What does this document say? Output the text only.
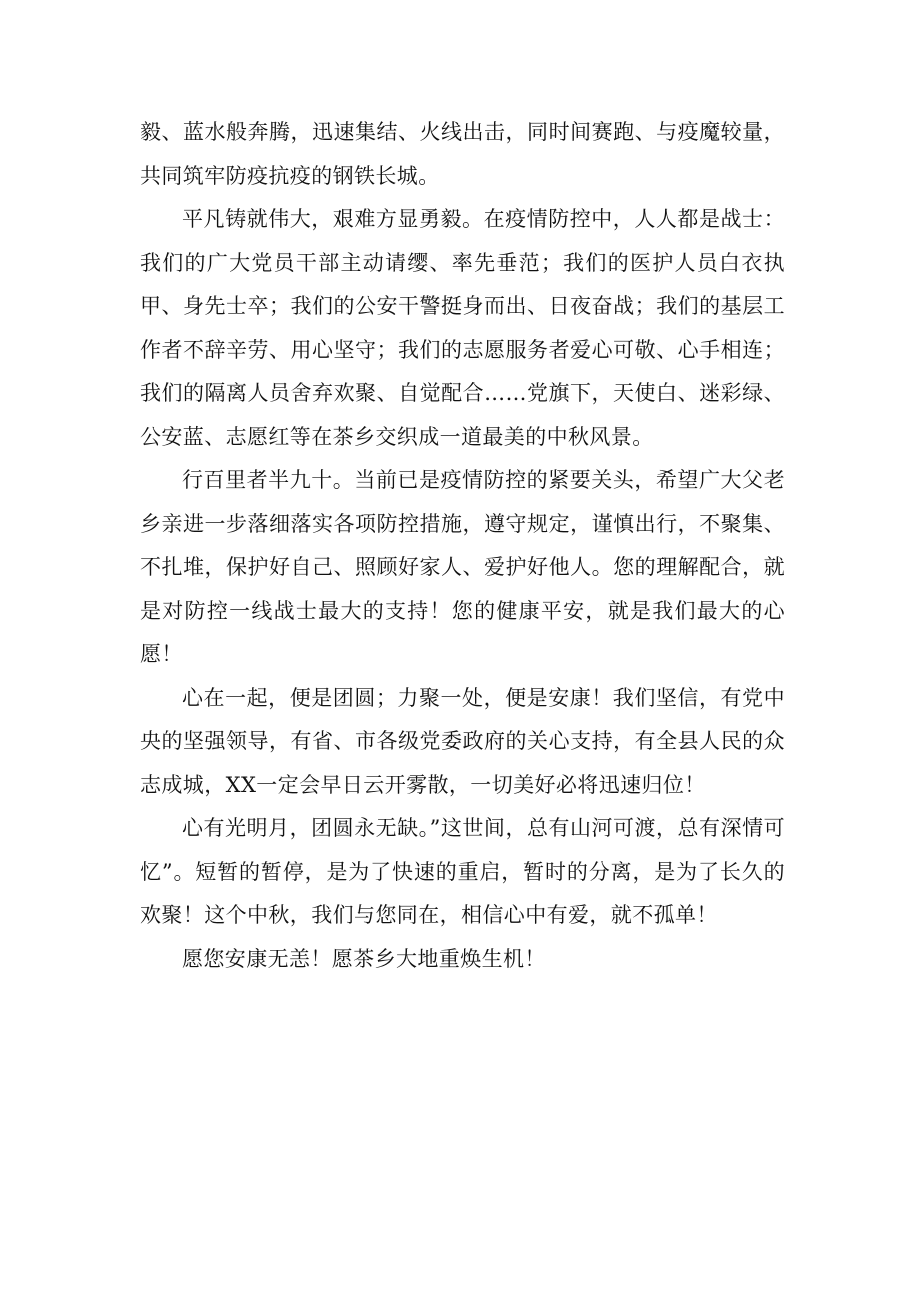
毅、蓝水般奔腾，迅速集结、火线出击，同时间赛跑、与疫魔较量，共同筑牢防疫抗疫的钢铁长城。

平凡铸就伟大，艰难方显勇毅。在疫情防控中，人人都是战士：我们的广大党员干部主动请缨、率先垂范；我们的医护人员白衣执甲、身先士卒；我们的公安干警挺身而出、日夜奋战；我们的基层工作者不辞辛劳、用心坚守；我们的志愿服务者爱心可敬、心手相连；我们的隔离人员舍弃欢聚、自觉配合……党旗下，天使白、迷彩绿、公安蓝、志愿红等在茶乡交织成一道最美的中秋风景。

行百里者半九十。当前已是疫情防控的紧要关头，希望广大父老乡亲进一步落细落实各项防控措施，遵守规定，谨慎出行，不聚集、不扎堆，保护好自己、照顾好家人、爱护好他人。您的理解配合，就是对防控一线战士最大的支持！您的健康平安，就是我们最大的心愿！

心在一起，便是团圆；力聚一处，便是安康！我们坚信，有党中央的坚强领导，有省、市各级党委政府的关心支持，有全县人民的众志成城，XX一定会早日云开雾散，一切美好必将迅速归位！

心有光明月，团圆永无缺。”这世间，总有山河可渡，总有深情可忆”。短暂的暂停，是为了快速的重启，暂时的分离，是为了长久的欢聚！这个中秋，我们与您同在，相信心中有爱，就不孤单！

愿您安康无恙！愿茶乡大地重焕生机！
